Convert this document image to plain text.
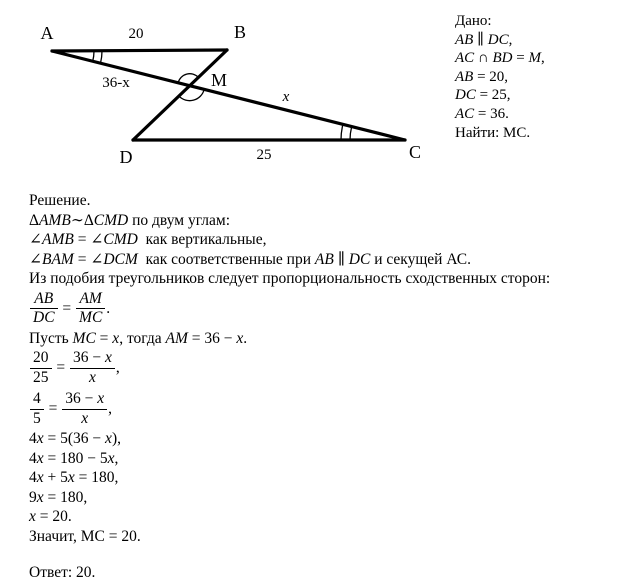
A	B
C
D
M
20
25
36-x
x
Дано:
AB ∥ DC,
AC ∩ BD = M,
AB = 20,
DC = 25,
AC = 36.
Найти: MC.
Решение.
ΔAMB∼ΔCMD по двум углам:
∠AMB = ∠CMD  как вертикальные,
∠BAM = ∠DCM  как соответственные при AB ∥ DC и секущей АС.
Из подобия треугольников следует пропорциональность сходственных сторон:
$\frac{AB}{DC} = \frac{AM}{MC}$ .
Пусть MC = x, тогда AM = 36 − x.
$\frac{20}{25} = \frac{36 - x}{x}$ ,
$\frac{4}{5} = \frac{36 - x}{x}$ ,
4x = 5(36 − x),
4x = 180 − 5x,
4x + 5x = 180,
9x = 180,
x = 20.
Значит, MC = 20.
Ответ: 20.
